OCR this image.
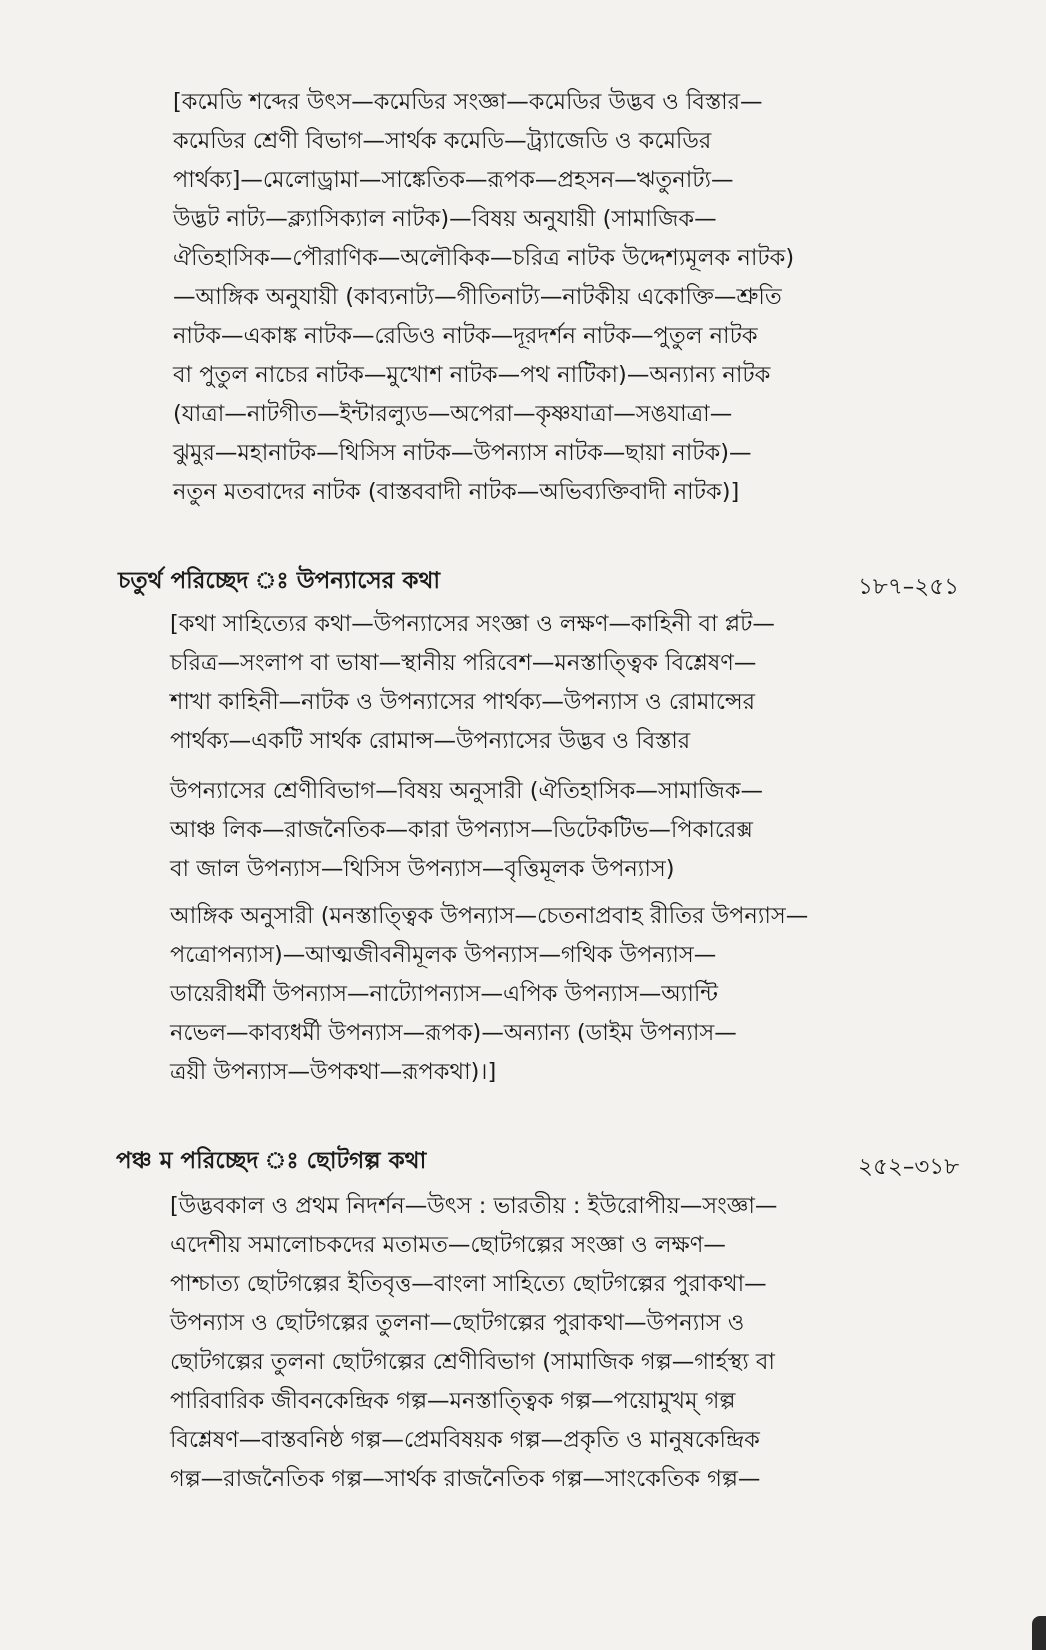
[কমেডি শব্দের উৎস—কমেডির সংজ্ঞা—কমেডির উদ্ভব ও বিস্তার—
কমেডির শ্রেণী বিভাগ—সার্থক কমেডি—ট্র্যাজেডি ও কমেডির
পার্থক্য]—মেলোড্রামা—সাঙ্কেতিক—রূপক—প্রহসন—ঋতুনাট্য—
উদ্ভট নাট্য—ক্ল্যাসিক্যাল নাটক)—বিষয় অনুযায়ী (সামাজিক—
ঐতিহাসিক—পৌরাণিক—অলৌকিক—চরিত্র নাটক উদ্দেশ্যমূলক নাটক)
—আঙ্গিক অনুযায়ী (কাব্যনাট্য—গীতিনাট্য—নাটকীয় একোক্তি—শ্রুতি
নাটক—একাঙ্ক নাটক—রেডিও নাটক—দূরদর্শন নাটক—পুতুল নাটক
বা পুতুল নাচের নাটক—মুখোশ নাটক—পথ নাটিকা)—অন্যান্য নাটক
(যাত্রা—নাটগীত—ইন্টারল্যুড—অপেরা—কৃষ্ণযাত্রা—সঙযাত্রা—
ঝুমুর—মহানাটক—থিসিস নাটক—উপন্যাস নাটক—ছায়া নাটক)—
নতুন মতবাদের নাটক (বাস্তববাদী নাটক—অভিব্যক্তিবাদী নাটক)]
চতুর্থ পরিচ্ছেদ ঃ উপন্যাসের কথা	১৮৭–২৫১
[কথা সাহিত্যের কথা—উপন্যাসের সংজ্ঞা ও লক্ষণ—কাহিনী বা প্লট—
চরিত্র—সংলাপ বা ভাষা—স্থানীয় পরিবেশ—মনস্তাত্ত্বিক বিশ্লেষণ—
শাখা কাহিনী—নাটক ও উপন্যাসের পার্থক্য—উপন্যাস ও রোমান্সের
পার্থক্য—একটি সার্থক রোমান্স—উপন্যাসের উদ্ভব ও বিস্তার
উপন্যাসের শ্রেণীবিভাগ—বিষয় অনুসারী (ঐতিহাসিক—সামাজিক—
আঞ্চ লিক—রাজনৈতিক—কারা উপন্যাস—ডিটেকটিভ—পিকারেক্স
বা জাল উপন্যাস—থিসিস উপন্যাস—বৃত্তিমূলক উপন্যাস)
আঙ্গিক অনুসারী (মনস্তাত্ত্বিক উপন্যাস—চেতনাপ্রবাহ রীতির উপন্যাস—
পত্রোপন্যাস)—আত্মজীবনীমূলক উপন্যাস—গথিক উপন্যাস—
ডায়েরীধর্মী উপন্যাস—নাট্যোপন্যাস—এপিক উপন্যাস—অ্যান্টি
নভেল—কাব্যধর্মী উপন্যাস—রূপক)—অন্যান্য (ডাইম উপন্যাস—
ত্রয়ী উপন্যাস—উপকথা—রূপকথা)।]
পঞ্চ ম পরিচ্ছেদ ঃ ছোটগল্প কথা	২৫২–৩১৮
[উদ্ভবকাল ও প্রথম নিদর্শন—উৎস : ভারতীয় : ইউরোপীয়—সংজ্ঞা—
এদেশীয় সমালোচকদের মতামত—ছোটগল্পের সংজ্ঞা ও লক্ষণ—
পাশ্চাত্য ছোটগল্পের ইতিবৃত্ত—বাংলা সাহিত্যে ছোটগল্পের পুরাকথা—
উপন্যাস ও ছোটগল্পের তুলনা—ছোটগল্পের পুরাকথা—উপন্যাস ও
ছোটগল্পের তুলনা ছোটগল্পের শ্রেণীবিভাগ (সামাজিক গল্প—গার্হস্থ্য বা
পারিবারিক জীবনকেন্দ্রিক গল্প—মনস্তাত্ত্বিক গল্প—পয়োমুখম্ গল্প
বিশ্লেষণ—বাস্তবনিষ্ঠ গল্প—প্রেমবিষয়ক গল্প—প্রকৃতি ও মানুষকেন্দ্রিক
গল্প—রাজনৈতিক গল্প—সার্থক রাজনৈতিক গল্প—সাংকেতিক গল্প—
